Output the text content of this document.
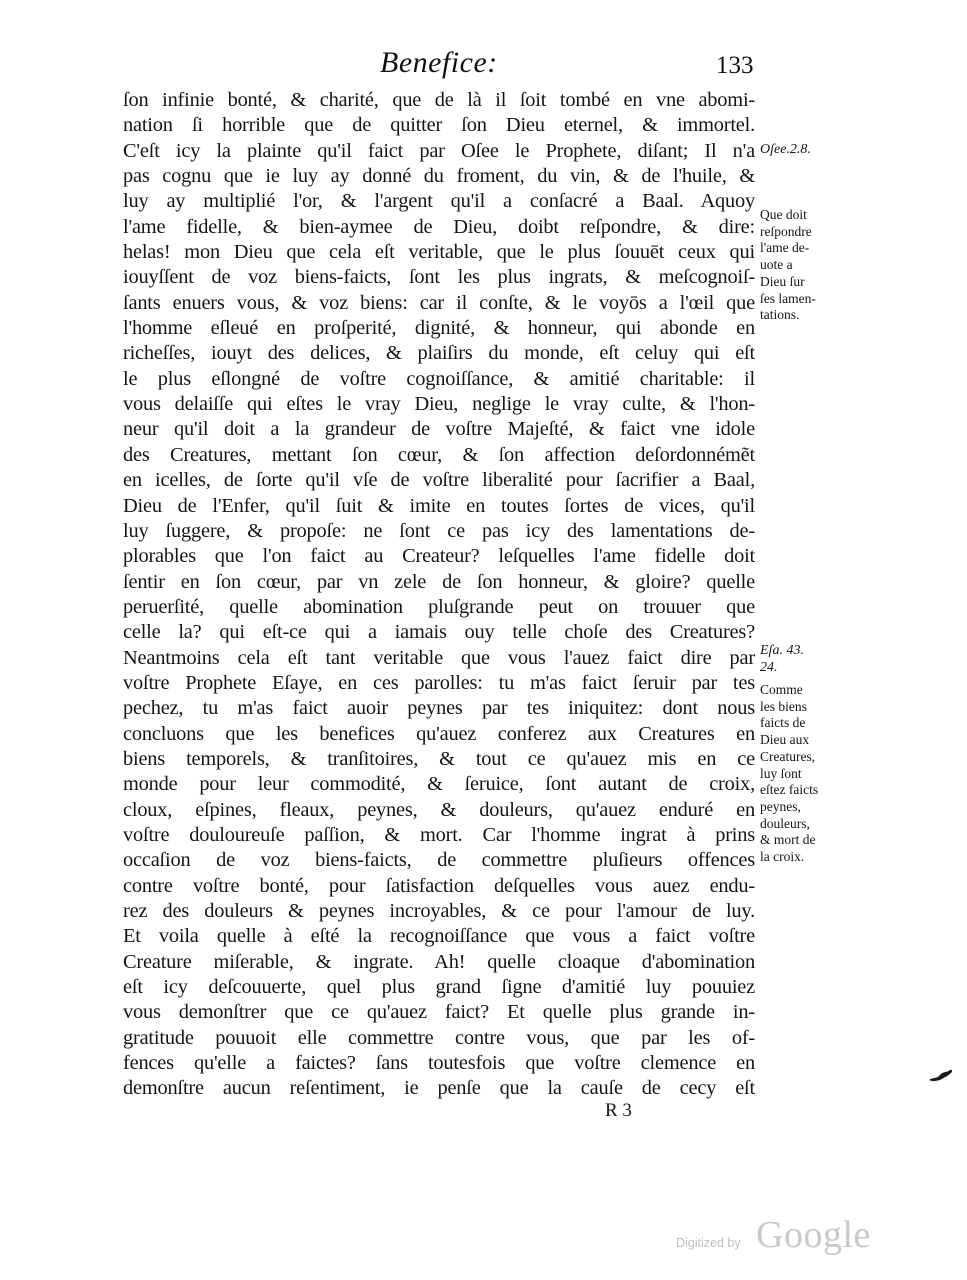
Benefice:	133
ſon infinie bonté, & charité, que de là il ſoit tombé en vne abomi-
nation ſi horrible que de quitter ſon Dieu eternel, & immortel.
C'eſt icy la plainte qu'il faict par Oſee le Prophete, diſant; Il n'a
pas cognu que ie luy ay donné du froment, du vin, & de l'huile, &
luy ay multiplié l'or, & l'argent qu'il a conſacré a Baal. Aquoy
l'ame fidelle, & bien-aymee de Dieu, doibt reſpondre, & dire:
helas! mon Dieu que cela eſt veritable, que le plus ſouuēt ceux qui
iouyſſent de voz biens-faicts, ſont les plus ingrats, & meſcognoiſ-
ſants enuers vous, & voz biens: car il conſte, & le voyōs a l'œil que
l'homme eſleué en proſperité, dignité, & honneur, qui abonde en
richeſſes, iouyt des delices, & plaiſirs du monde, eſt celuy qui eſt
le plus eſlongné de voſtre cognoiſſance, & amitié charitable: il
vous delaiſſe qui eſtes le vray Dieu, neglige le vray culte, & l'hon-
neur qu'il doit a la grandeur de voſtre Majeſté, & faict vne idole
des Creatures, mettant ſon cœur, & ſon affection deſordonnémẽt
en icelles, de ſorte qu'il vſe de voſtre liberalité pour ſacrifier a Baal,
Dieu de l'Enfer, qu'il ſuit & imite en toutes ſortes de vices, qu'il
luy ſuggere, & propoſe: ne ſont ce pas icy des lamentations de-
plorables que l'on faict au Createur? leſquelles l'ame fidelle doit
ſentir en ſon cœur, par vn zele de ſon honneur, & gloire? quelle
peruerſité, quelle abomination pluſgrande peut on trouuer que
celle la? qui eſt-ce qui a iamais ouy telle choſe des Creatures?
Neantmoins cela eſt tant veritable que vous l'auez faict dire par
voſtre Prophete Eſaye, en ces parolles: tu m'as faict ſeruir par tes
pechez, tu m'as faict auoir peynes par tes iniquitez: dont nous
concluons que les benefices qu'auez conferez aux Creatures en
biens temporels, & tranſitoires, & tout ce qu'auez mis en ce
monde pour leur commodité, & ſeruice, ſont autant de croix,
cloux, eſpines, fleaux, peynes, & douleurs, qu'auez enduré en
voſtre douloureuſe paſſion, & mort. Car l'homme ingrat à prins
occaſion de voz biens-faicts, de commettre pluſieurs offences
contre voſtre bonté, pour ſatisfaction deſquelles vous auez endu-
rez des douleurs & peynes incroyables, & ce pour l'amour de luy.
Et voila quelle à eſté la recognoiſſance que vous a faict voſtre
Creature miſerable, & ingrate. Ah! quelle cloaque d'abomination
eſt icy deſcouuerte, quel plus grand ſigne d'amitié luy pouuiez
vous demonſtrer que ce qu'auez faict? Et quelle plus grande in-
gratitude pouuoit elle commettre contre vous, que par les of-
fences qu'elle a faictes? ſans toutesfois que voſtre clemence en
demonſtre aucun reſentiment, ie penſe que la cauſe de cecy eſt
Oſee.2.8.
Que doit
reſpondre
l'ame de-
uote a
Dieu ſur
ſes lamen-
tations.
Eſa. 43.
24.
Comme
les biens
faicts de
Dieu aux
Creatures,
luy ſont
eſtez faicts
peynes,
douleurs,
& mort de
la croix.
R 3
Digitized by Google
